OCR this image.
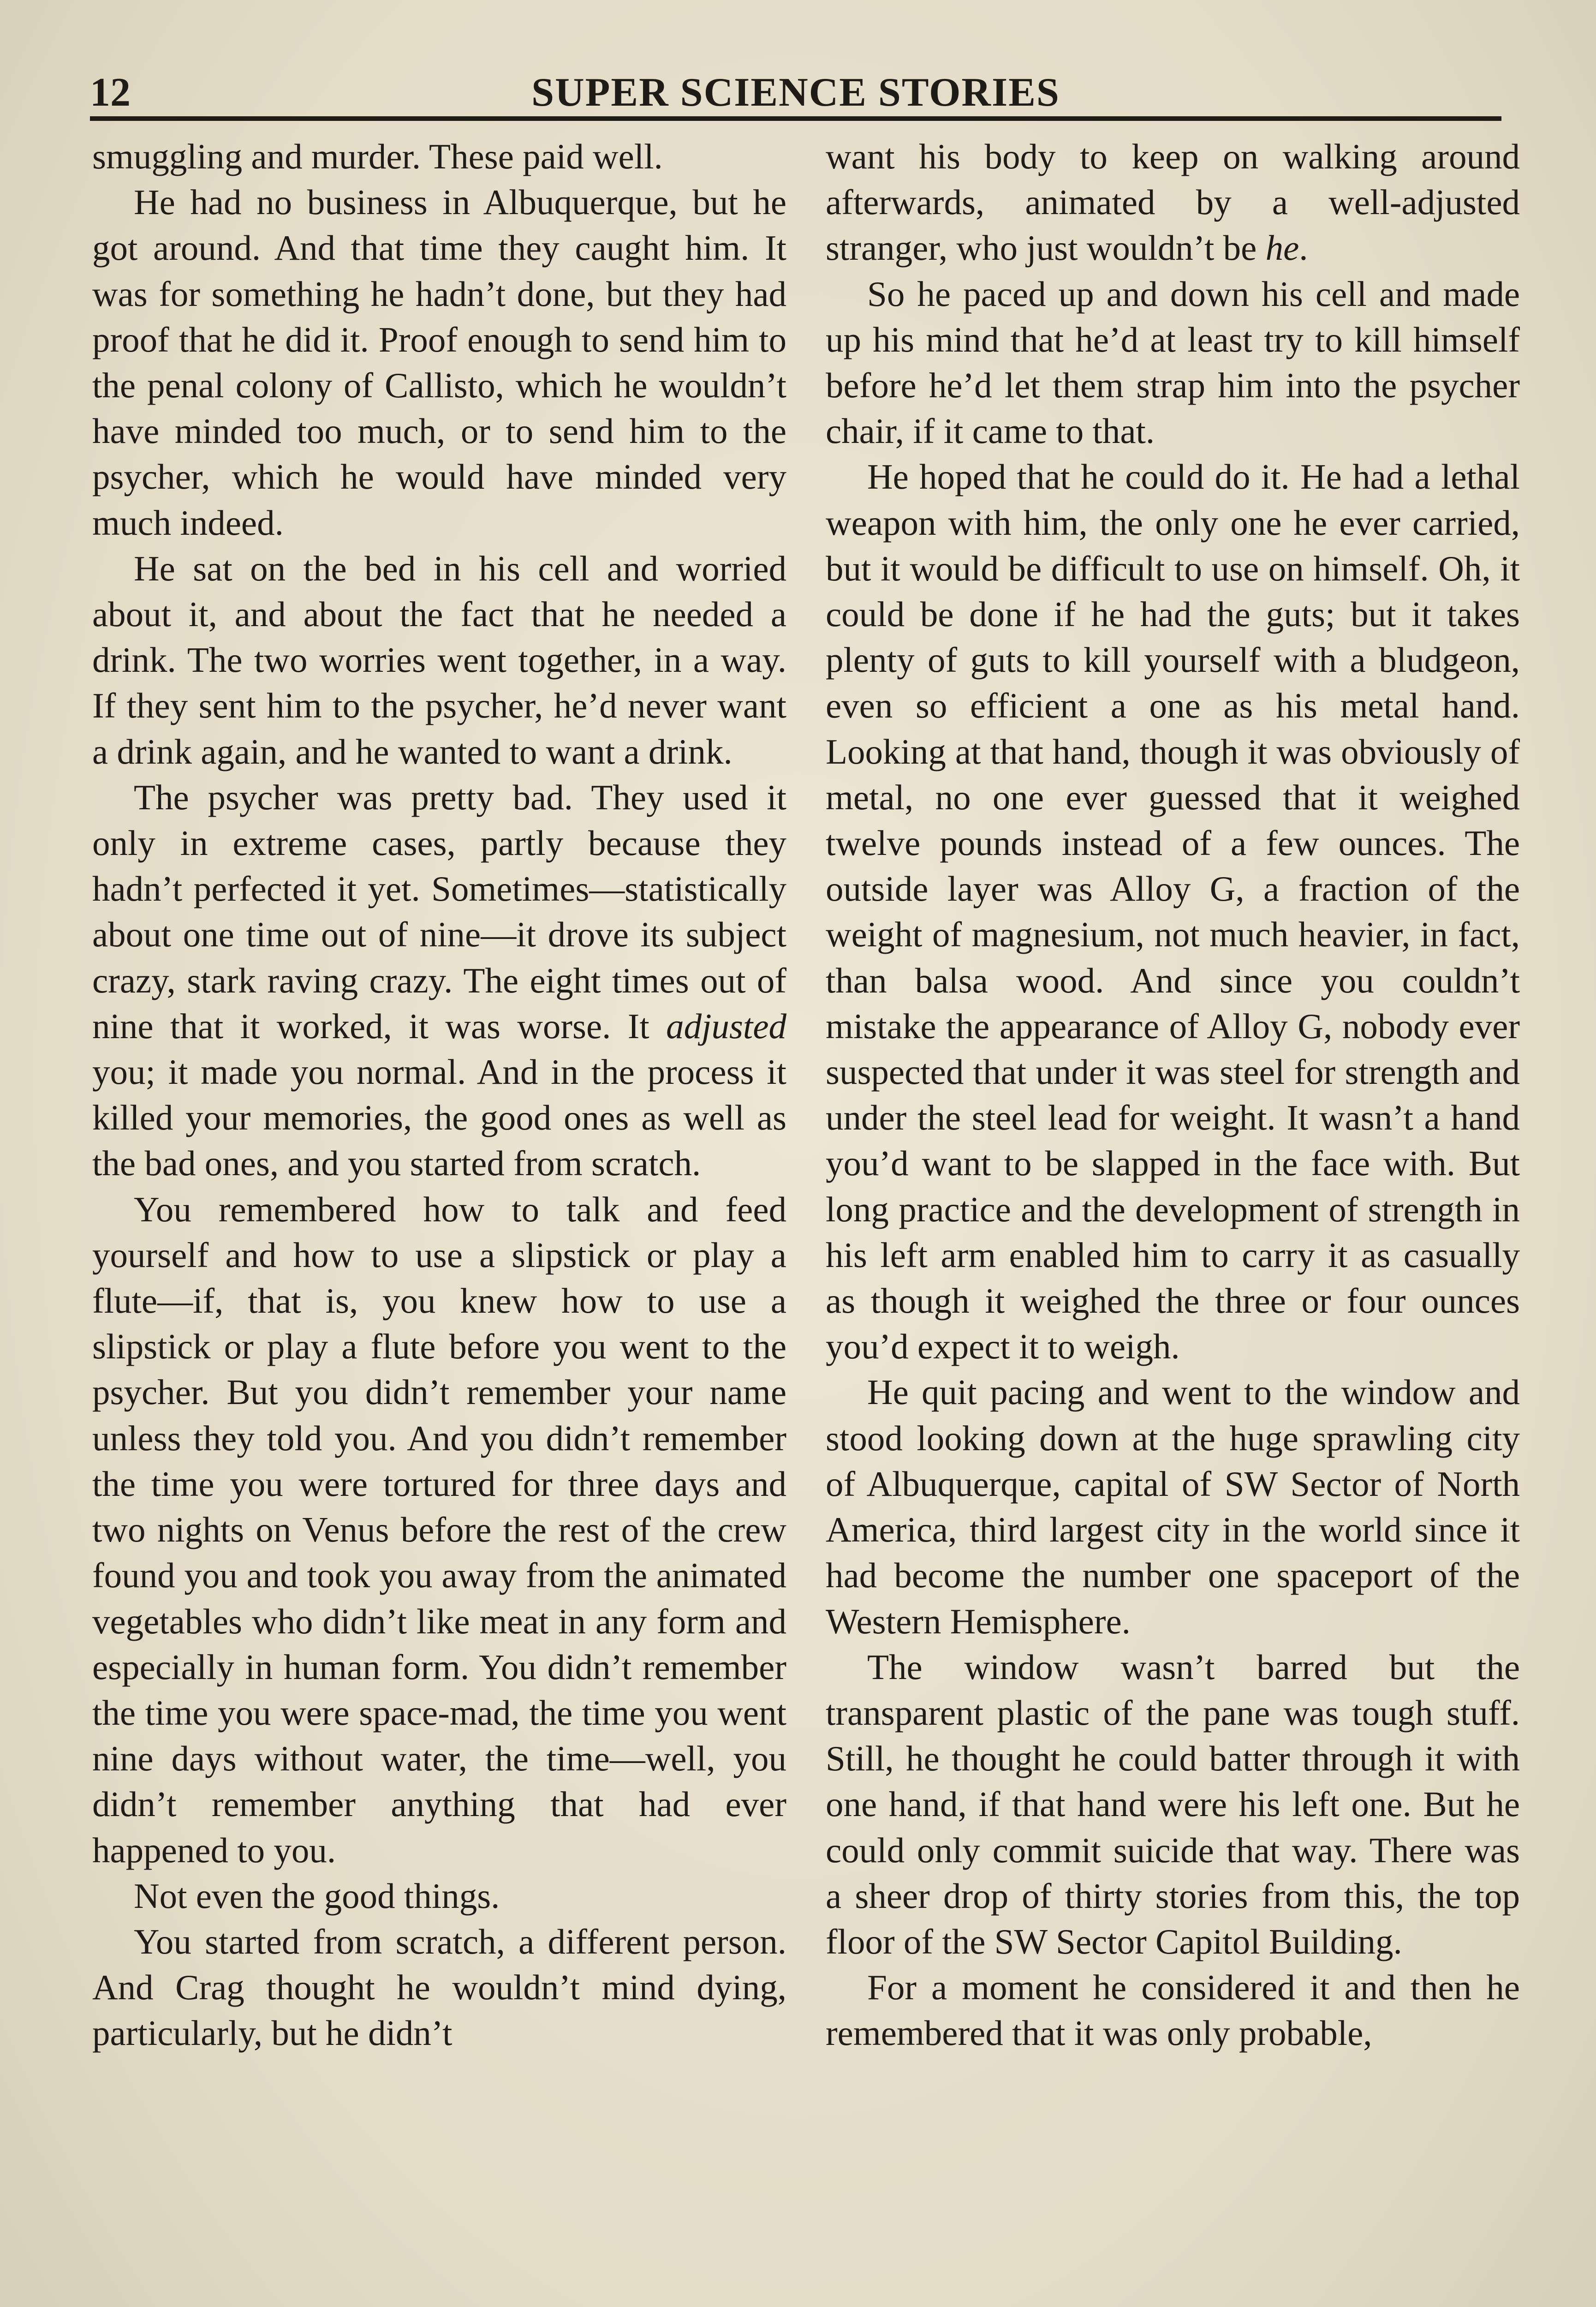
12	SUPER SCIENCE STORIES

smuggling and murder. These paid well.

He had no business in Albuquerque, but he got around. And that time they caught him. It was for something he hadn’t done, but they had proof that he did it. Proof enough to send him to the penal colony of Callisto, which he wouldn’t have minded too much, or to send him to the psycher, which he would have minded very much indeed.

He sat on the bed in his cell and worried about it, and about the fact that he needed a drink. The two worries went together, in a way. If they sent him to the psycher, he’d never want a drink again, and he wanted to want a drink.

The psycher was pretty bad. They used it only in extreme cases, partly because they hadn’t perfected it yet. Sometimes—statistically about one time out of nine—it drove its subject crazy, stark raving crazy. The eight times out of nine that it worked, it was worse. It adjusted you; it made you normal. And in the process it killed your memories, the good ones as well as the bad ones, and you started from scratch.

You remembered how to talk and feed yourself and how to use a slipstick or play a flute—if, that is, you knew how to use a slipstick or play a flute before you went to the psycher. But you didn’t remember your name unless they told you. And you didn’t remember the time you were tortured for three days and two nights on Venus before the rest of the crew found you and took you away from the animated vegetables who didn’t like meat in any form and especially in human form. You didn’t remember the time you were space-mad, the time you went nine days without water, the time—well, you didn’t remember anything that had ever happened to you.

Not even the good things.

You started from scratch, a different person. And Crag thought he wouldn’t mind dying, particularly, but he didn’t

want his body to keep on walking around afterwards, animated by a well-adjusted stranger, who just wouldn’t be he.

So he paced up and down his cell and made up his mind that he’d at least try to kill himself before he’d let them strap him into the psycher chair, if it came to that.

He hoped that he could do it. He had a lethal weapon with him, the only one he ever carried, but it would be difficult to use on himself. Oh, it could be done if he had the guts; but it takes plenty of guts to kill yourself with a bludgeon, even so efficient a one as his metal hand. Looking at that hand, though it was obviously of metal, no one ever guessed that it weighed twelve pounds instead of a few ounces. The outside layer was Alloy G, a fraction of the weight of magnesium, not much heavier, in fact, than balsa wood. And since you couldn’t mistake the appearance of Alloy G, nobody ever suspected that under it was steel for strength and under the steel lead for weight. It wasn’t a hand you’d want to be slapped in the face with. But long practice and the development of strength in his left arm enabled him to carry it as casually as though it weighed the three or four ounces you’d expect it to weigh.

He quit pacing and went to the window and stood looking down at the huge sprawling city of Albuquerque, capital of SW Sector of North America, third largest city in the world since it had become the number one spaceport of the Western Hemisphere.

The window wasn’t barred but the transparent plastic of the pane was tough stuff. Still, he thought he could batter through it with one hand, if that hand were his left one. But he could only commit suicide that way. There was a sheer drop of thirty stories from this, the top floor of the SW Sector Capitol Building.

For a moment he considered it and then he remembered that it was only probable,
